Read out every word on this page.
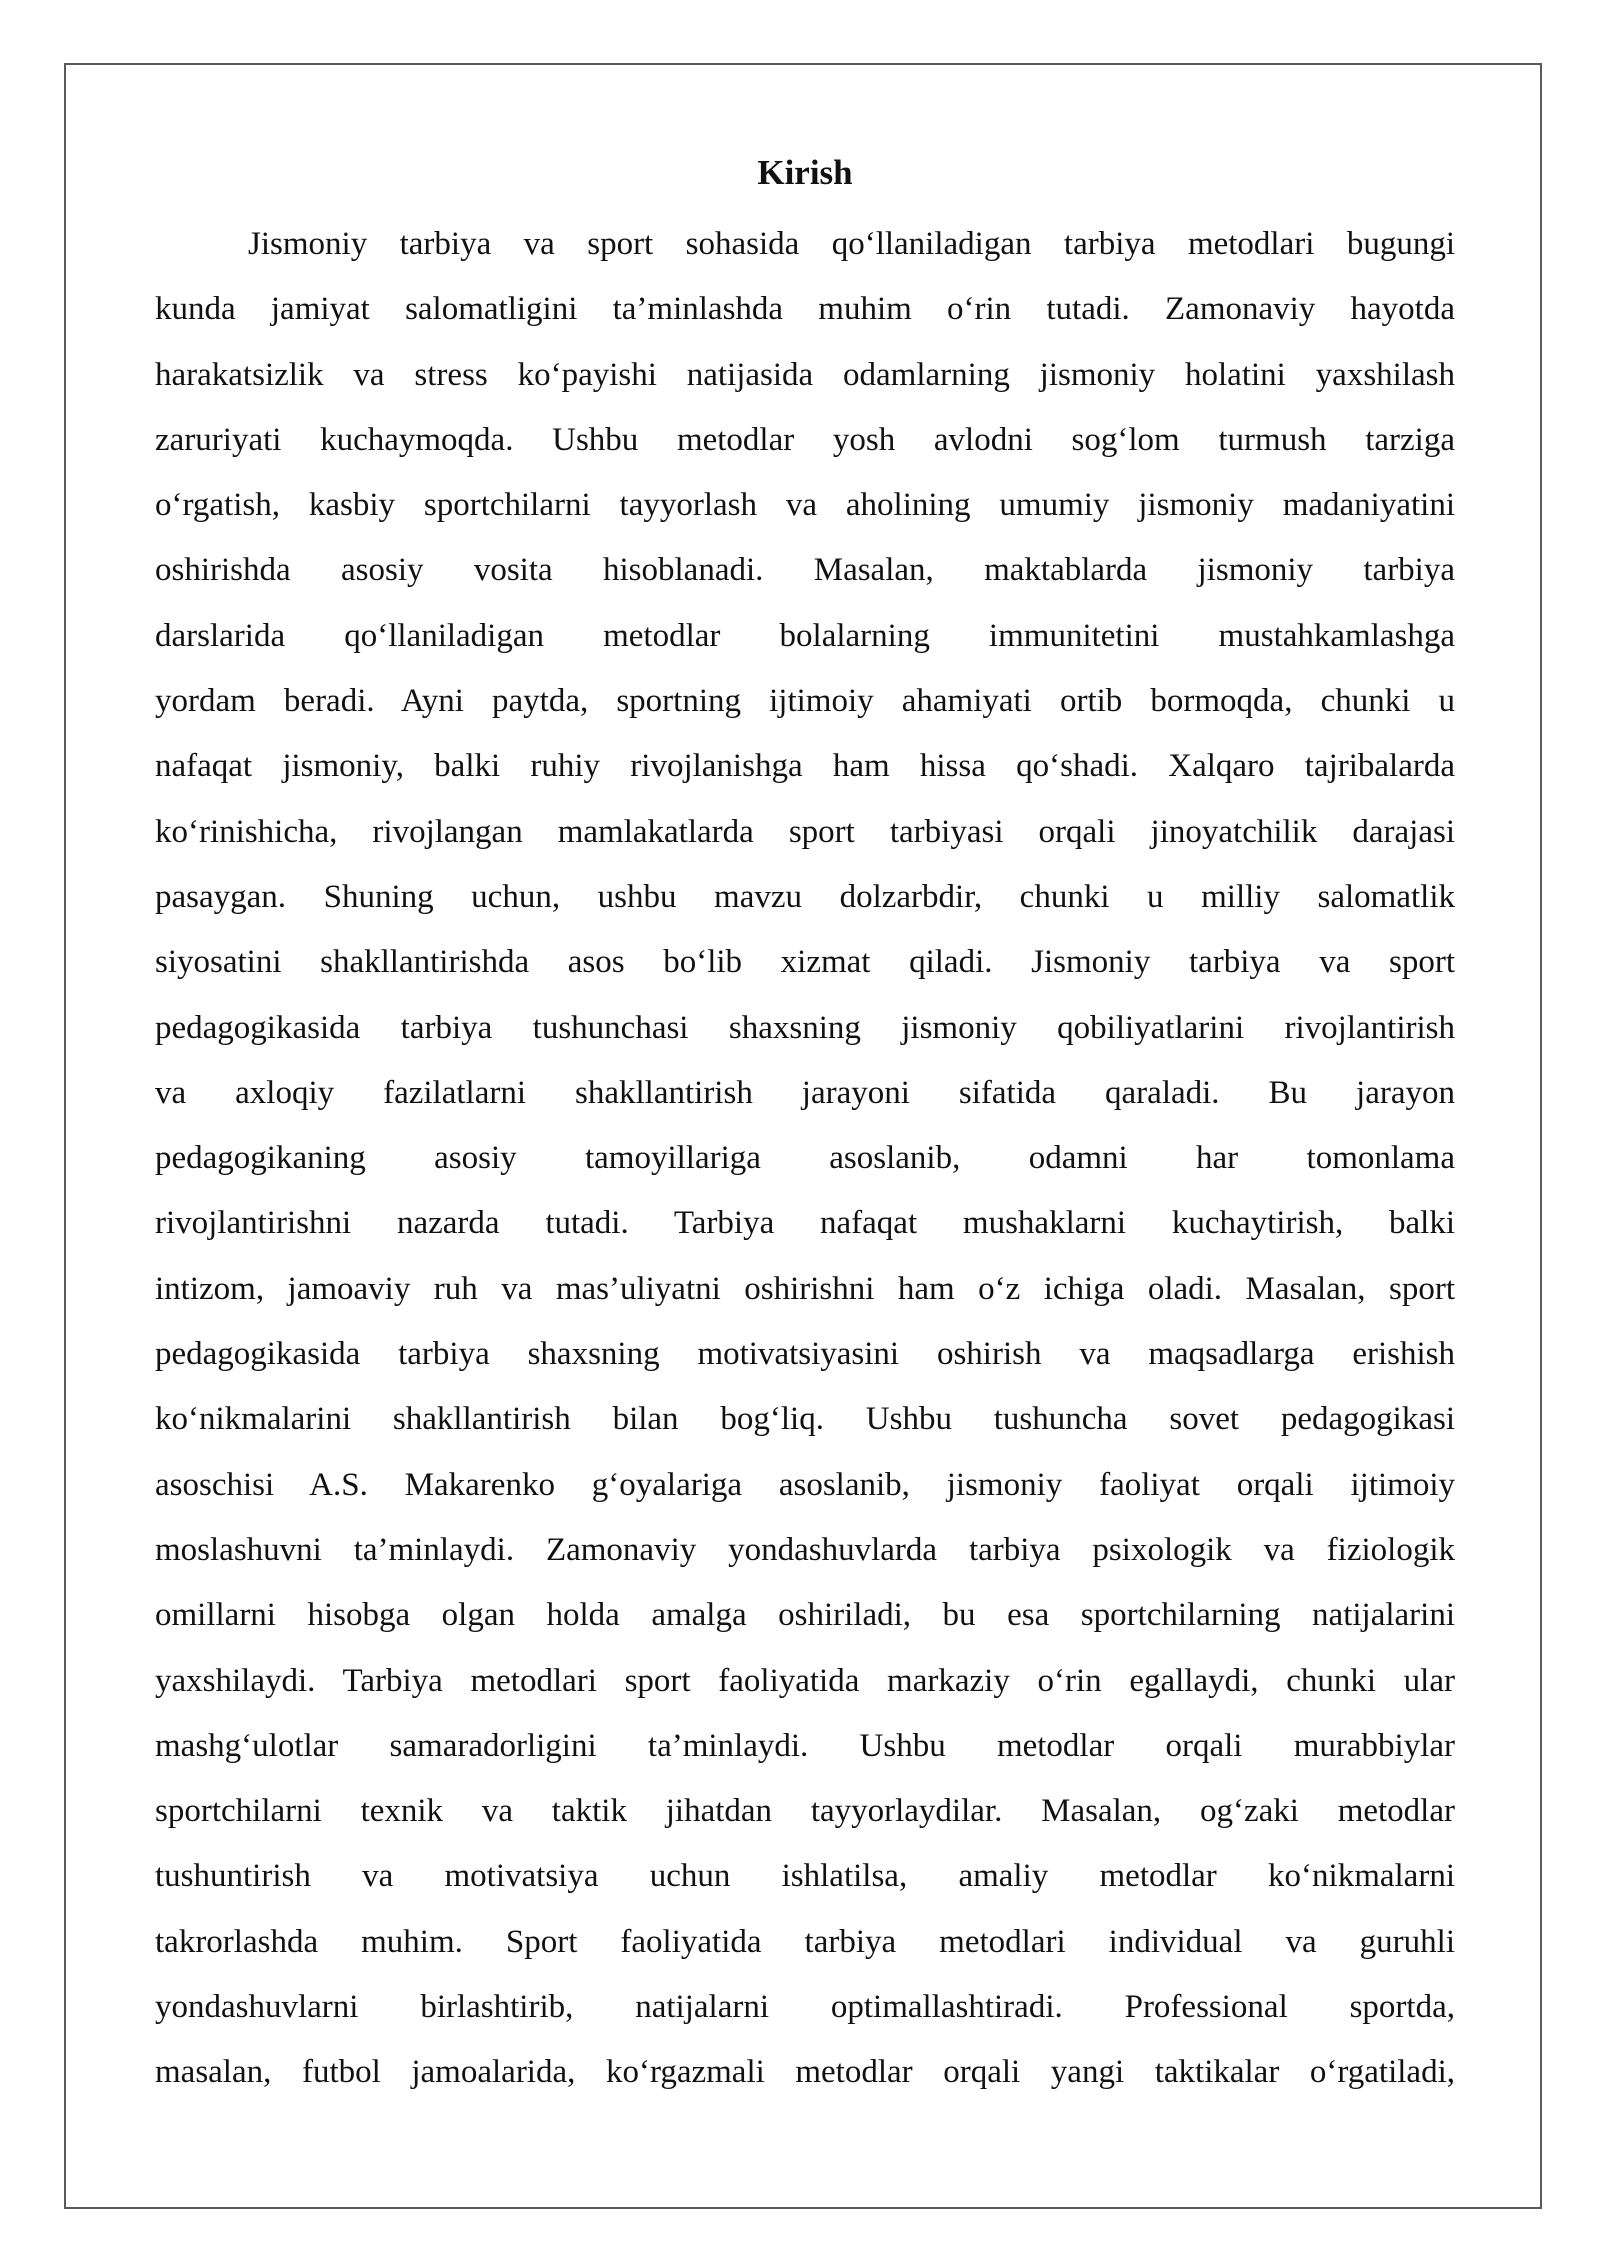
Kirish
Jismoniy tarbiya va sport sohasida qo‘llaniladigan tarbiya metodlari bugungi
kunda jamiyat salomatligini ta’minlashda muhim o‘rin tutadi. Zamonaviy hayotda
harakatsizlik va stress ko‘payishi natijasida odamlarning jismoniy holatini yaxshilash
zaruriyati kuchaymoqda. Ushbu metodlar yosh avlodni sog‘lom turmush tarziga
o‘rgatish, kasbiy sportchilarni tayyorlash va aholining umumiy jismoniy madaniyatini
oshirishda asosiy vosita hisoblanadi. Masalan, maktablarda jismoniy tarbiya
darslarida qo‘llaniladigan metodlar bolalarning immunitetini mustahkamlashga
yordam beradi. Ayni paytda, sportning ijtimoiy ahamiyati ortib bormoqda, chunki u
nafaqat jismoniy, balki ruhiy rivojlanishga ham hissa qo‘shadi. Xalqaro tajribalarda
ko‘rinishicha, rivojlangan mamlakatlarda sport tarbiyasi orqali jinoyatchilik darajasi
pasaygan. Shuning uchun, ushbu mavzu dolzarbdir, chunki u milliy salomatlik
siyosatini shakllantirishda asos bo‘lib xizmat qiladi. Jismoniy tarbiya va sport
pedagogikasida tarbiya tushunchasi shaxsning jismoniy qobiliyatlarini rivojlantirish
va axloqiy fazilatlarni shakllantirish jarayoni sifatida qaraladi. Bu jarayon
pedagogikaning asosiy tamoyillariga asoslanib, odamni har tomonlama
rivojlantirishni nazarda tutadi. Tarbiya nafaqat mushaklarni kuchaytirish, balki
intizom, jamoaviy ruh va mas’uliyatni oshirishni ham o‘z ichiga oladi. Masalan, sport
pedagogikasida tarbiya shaxsning motivatsiyasini oshirish va maqsadlarga erishish
ko‘nikmalarini shakllantirish bilan bog‘liq. Ushbu tushuncha sovet pedagogikasi
asoschisi A.S. Makarenko g‘oyalariga asoslanib, jismoniy faoliyat orqali ijtimoiy
moslashuvni ta’minlaydi. Zamonaviy yondashuvlarda tarbiya psixologik va fiziologik
omillarni hisobga olgan holda amalga oshiriladi, bu esa sportchilarning natijalarini
yaxshilaydi. Tarbiya metodlari sport faoliyatida markaziy o‘rin egallaydi, chunki ular
mashg‘ulotlar samaradorligini ta’minlaydi. Ushbu metodlar orqali murabbiylar
sportchilarni texnik va taktik jihatdan tayyorlaydilar. Masalan, og‘zaki metodlar
tushuntirish va motivatsiya uchun ishlatilsa, amaliy metodlar ko‘nikmalarni
takrorlashda muhim. Sport faoliyatida tarbiya metodlari individual va guruhli
yondashuvlarni birlashtirib, natijalarni optimallashtiradi. Professional sportda,
masalan, futbol jamoalarida, ko‘rgazmali metodlar orqali yangi taktikalar o‘rgatiladi,
